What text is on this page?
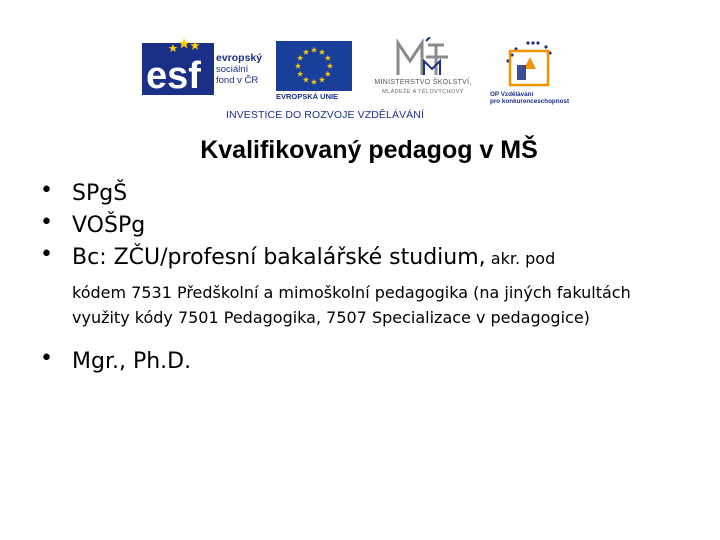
esf evropský
sociální
fond v ČR
EVROPSKÁ UNIE
MINISTERSTVO ŠKOLSTVÍ,
MLÁDEŽE A TĚLOVÝCHOVY	OP Vzdělávání
pro konkurenceschopnost
INVESTICE DO ROZVOJE VZDĚLÁVÁNÍ
Kvalifikovaný pedagog v MŠ
• SPgŠ
• VOŠPg
• Bc: ZČU/profesní bakalářské studium, akr. pod
kódem 7531 Předškolní a mimoškolní pedagogika (na jiných fakultách využity kódy 7501 Pedagogika, 7507 Specializace v pedagogice)
• Mgr., Ph.D.
